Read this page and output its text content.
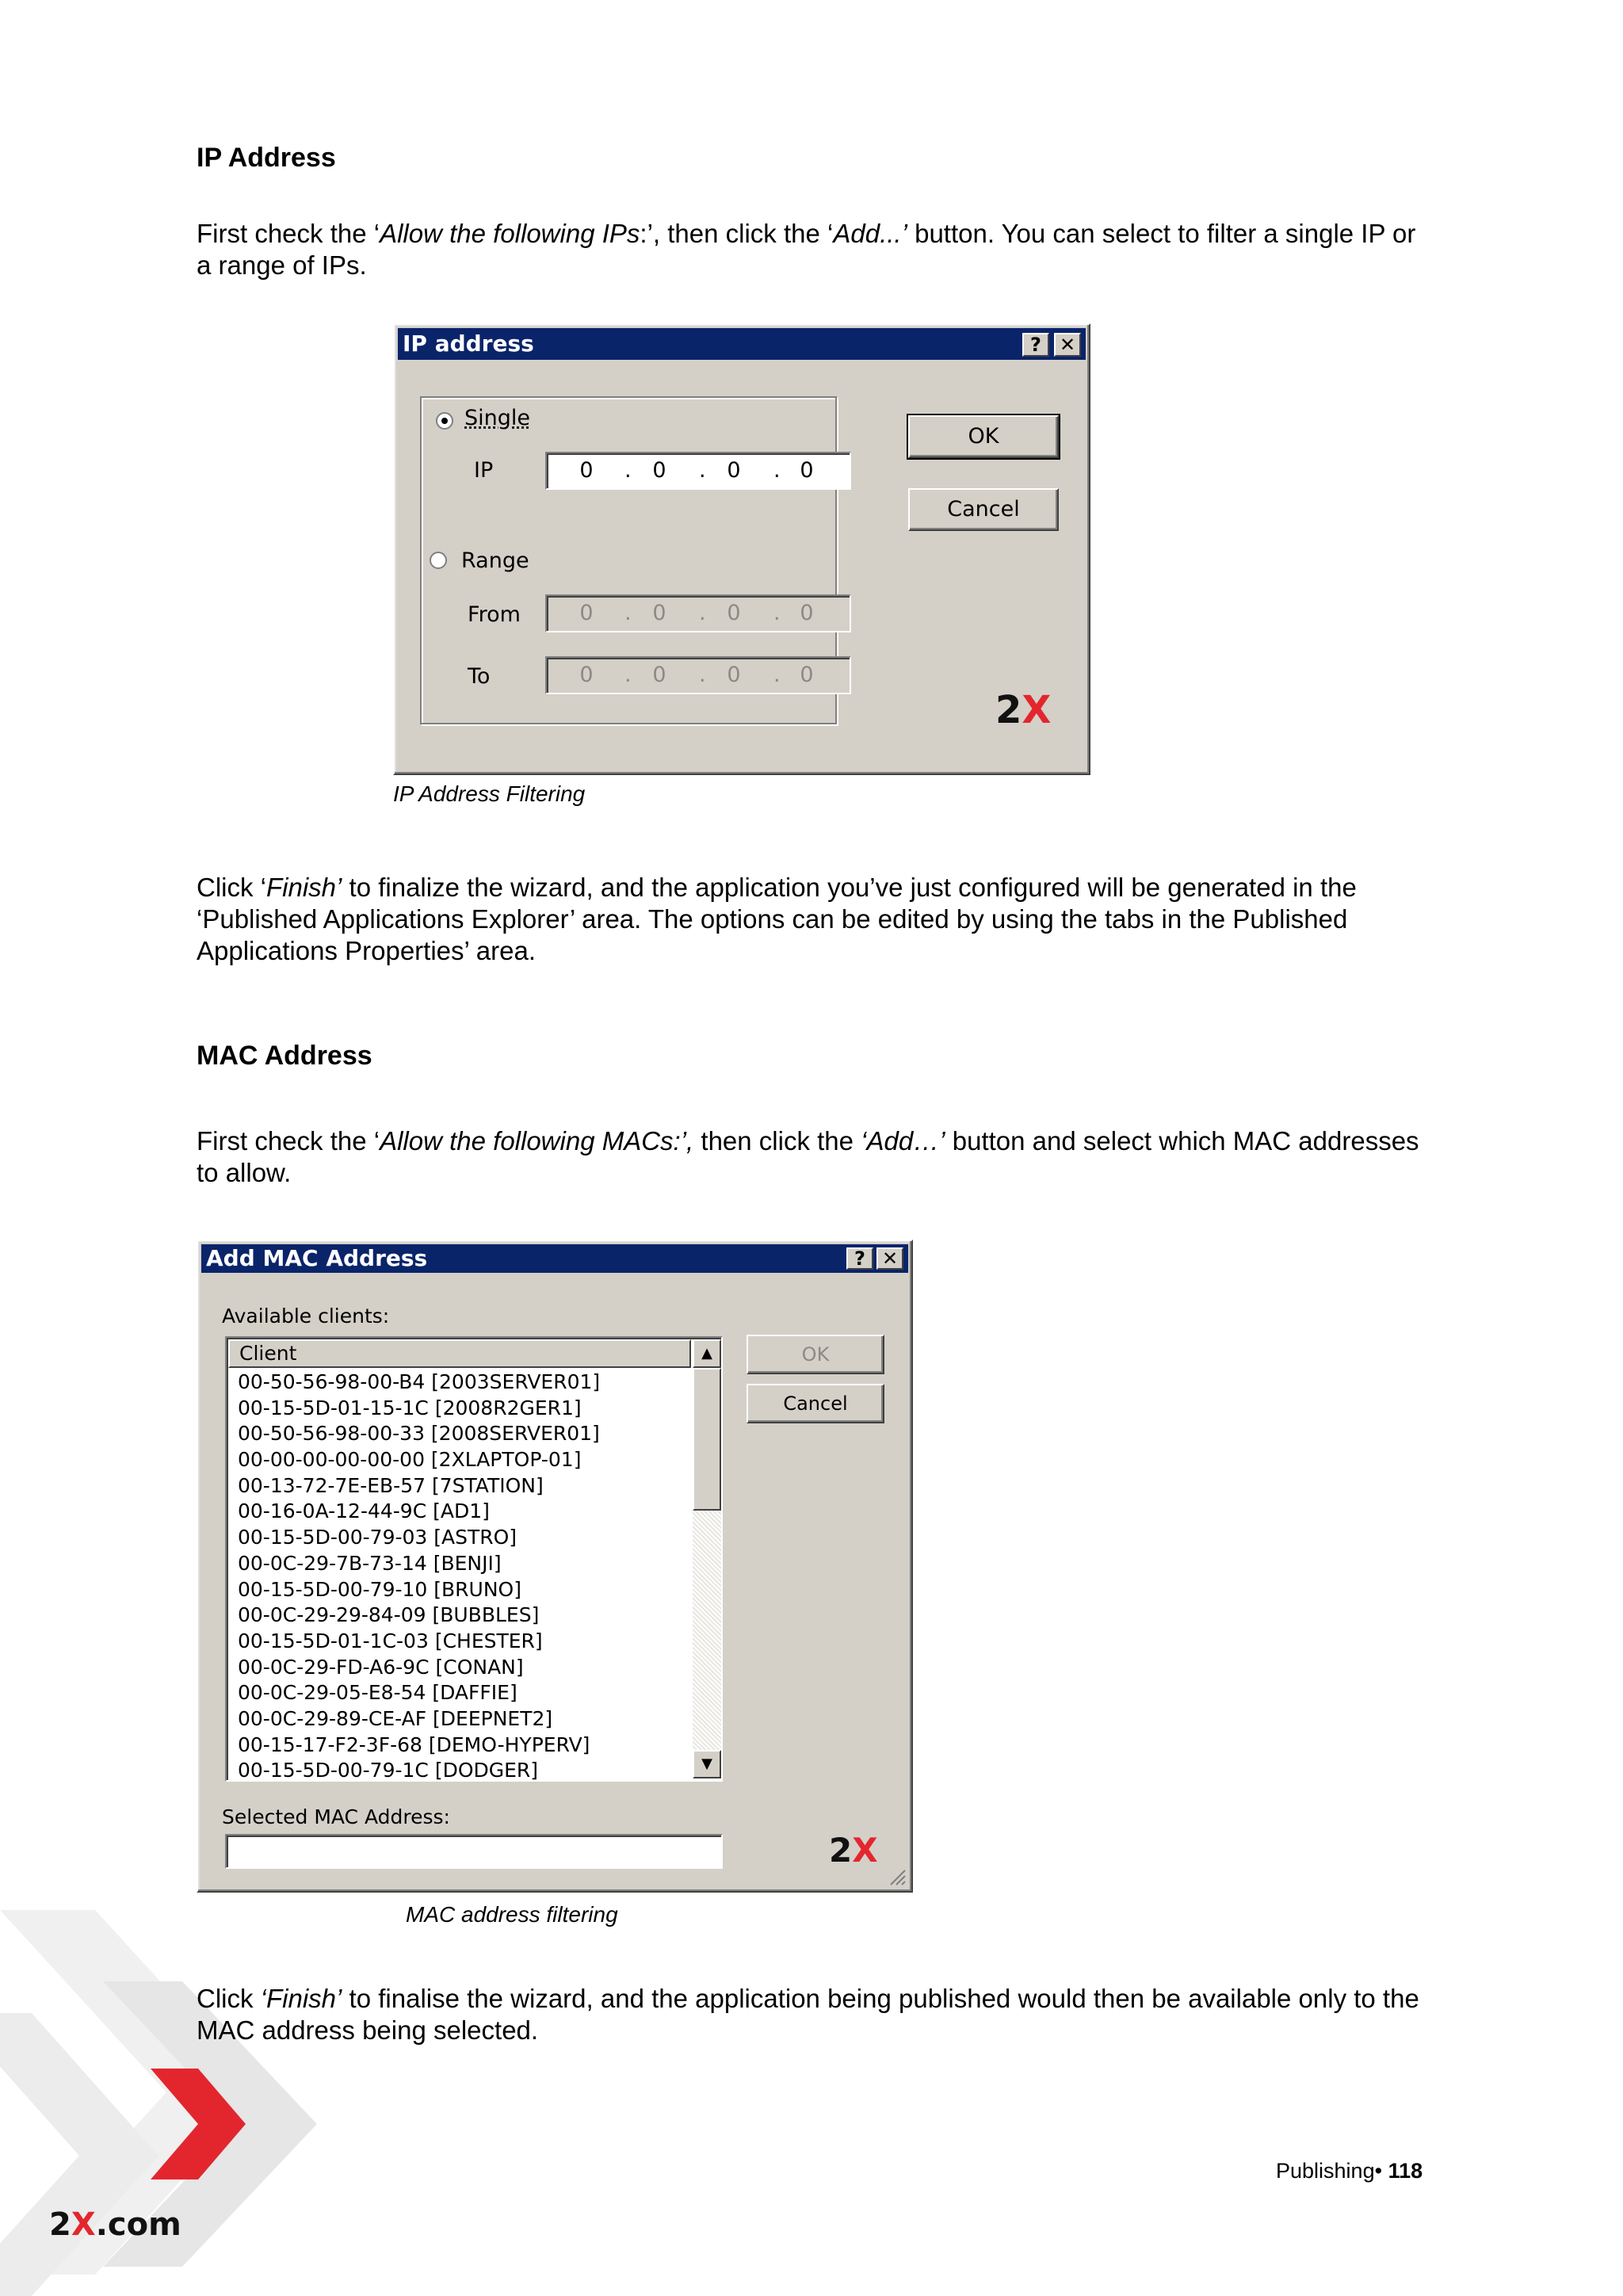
IP Address
First check the ‘Allow the following IPs:’, then click the ‘Add...’ button. You can select to filter a single IP or a range of IPs.
IP address	? ✕
Single
IP	0	. 0	. 0	. 0
Range
From	0	. 0	. 0	. 0
To	0	. 0	. 0	. 0
OK
Cancel
2X
IP Address Filtering
Click ‘Finish’ to finalize the wizard, and the application you’ve just configured will be generated in the ‘Published Applications Explorer’ area. The options can be edited by using the tabs in the Published Applications Properties’ area.
MAC Address
First check the ‘Allow the following MACs:’, then click the ‘Add…’ button and select which MAC addresses to allow.
Add MAC Address	? ✕
Available clients:
Client
00-50-56-98-00-B4 [2003SERVER01]
00-15-5D-01-15-1C [2008R2GER1]
00-50-56-98-00-33 [2008SERVER01]
00-00-00-00-00-00 [2XLAPTOP-01]
00-13-72-7E-EB-57 [7STATION]
00-16-0A-12-44-9C [AD1]
00-15-5D-00-79-03 [ASTRO]
00-0C-29-7B-73-14 [BENJI]
00-15-5D-00-79-10 [BRUNO]
00-0C-29-29-84-09 [BUBBLES]
00-15-5D-01-1C-03 [CHESTER]
00-0C-29-FD-A6-9C [CONAN]
00-0C-29-05-E8-54 [DAFFIE]
00-0C-29-89-CE-AF [DEEPNET2]
00-15-17-F2-3F-68 [DEMO-HYPERV]
00-15-5D-00-79-1C [DODGER]
▲
▼
OK
Cancel
Selected MAC Address:
2X
MAC address filtering
Click ‘Finish’ to finalise the wizard, and the application being published would then be available only to the MAC address being selected.
Publishing• 118
2X.com
